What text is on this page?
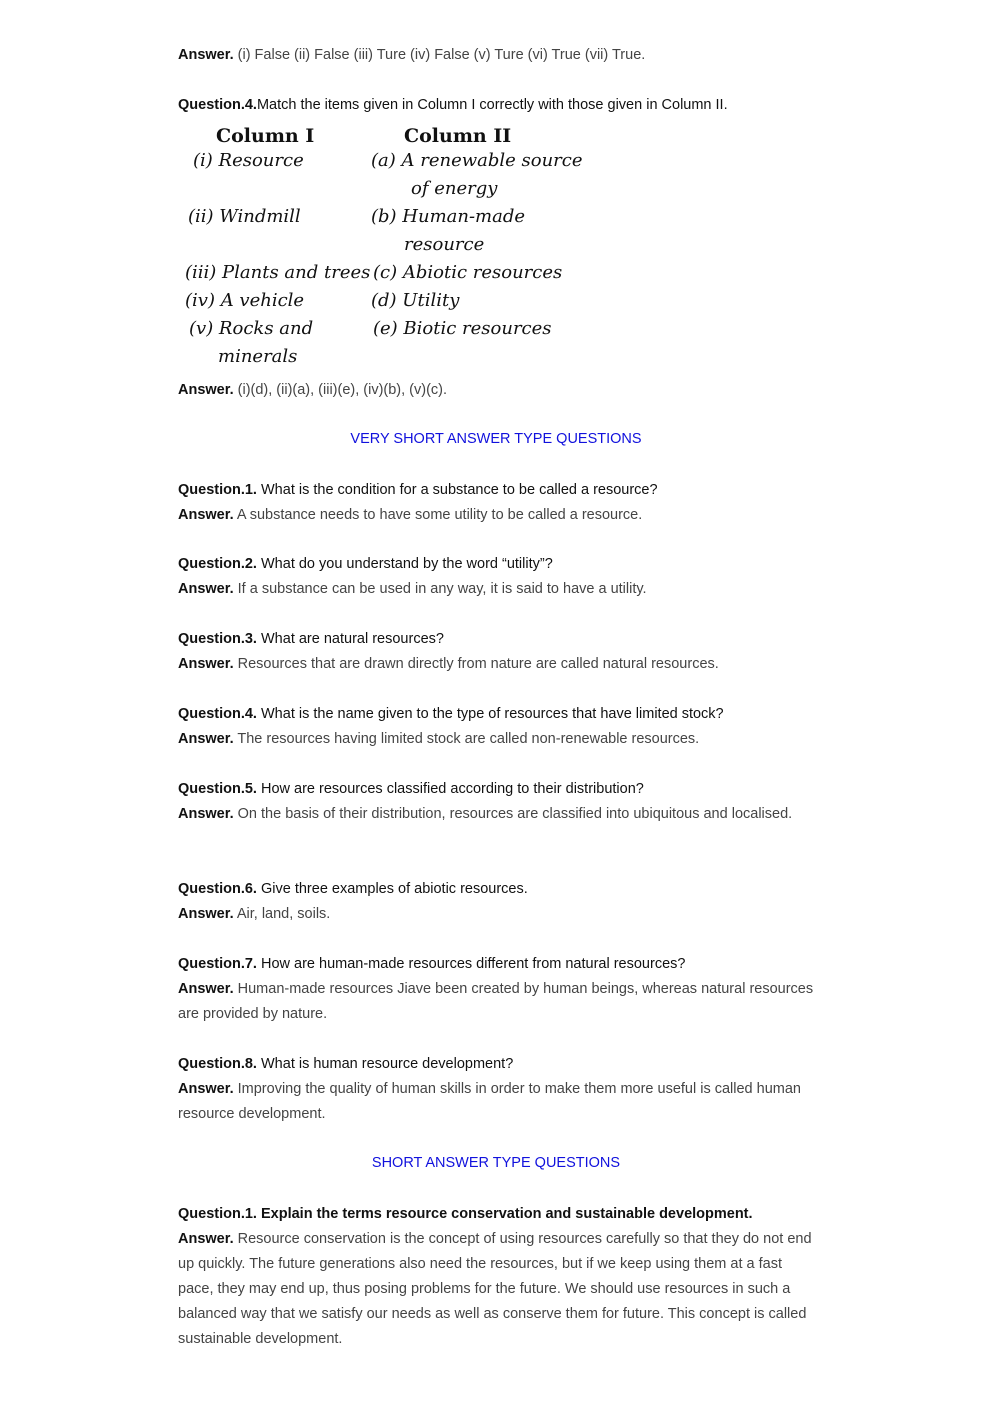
Answer. (i) False (ii) False (iii) Ture (iv) False (v) Ture (vi) True (vii) True.
Question.4.Match the items given in Column I correctly with those given in Column II.
Column I	Column II
(i) Resource
(ii) Windmill
(iii) Plants and trees
(iv) A vehicle
(v) Rocks and
minerals
(a) A renewable source
of energy
(b) Human-made
resource
(c) Abiotic resources
(d) Utility
(e) Biotic resources
Answer. (i)(d), (ii)(a), (iii)(e), (iv)(b), (v)(c).
VERY SHORT ANSWER TYPE QUESTIONS
Question.1. What is the condition for a substance to be called a resource?
Answer. A substance needs to have some utility to be called a resource.
Question.2. What do you understand by the word “utility”?
Answer. If a substance can be used in any way, it is said to have a utility.
Question.3. What are natural resources?
Answer. Resources that are drawn directly from nature are called natural resources.
Question.4. What is the name given to the type of resources that have limited stock?
Answer. The resources having limited stock are called non-renewable resources.
Question.5. How are resources classified according to their distribution?
Answer. On the basis of their distribution, resources are classified into ubiquitous and localised.
Question.6. Give three examples of abiotic resources.
Answer. Air, land, soils.
Question.7. How are human-made resources different from natural resources?
Answer. Human-made resources Jiave been created by human beings, whereas natural resources are provided by nature.
Question.8. What is human resource development?
Answer. Improving the quality of human skills in order to make them more useful is called human resource development.
SHORT ANSWER TYPE QUESTIONS
Question.1. Explain the terms resource conservation and sustainable development.
Answer. Resource conservation is the concept of using resources carefully so that they do not end up quickly. The future generations also need the resources, but if we keep using them at a fast pace, they may end up, thus posing problems for the future. We should use resources in such a balanced way that we satisfy our needs as well as conserve them for future. This concept is called sustainable development.
